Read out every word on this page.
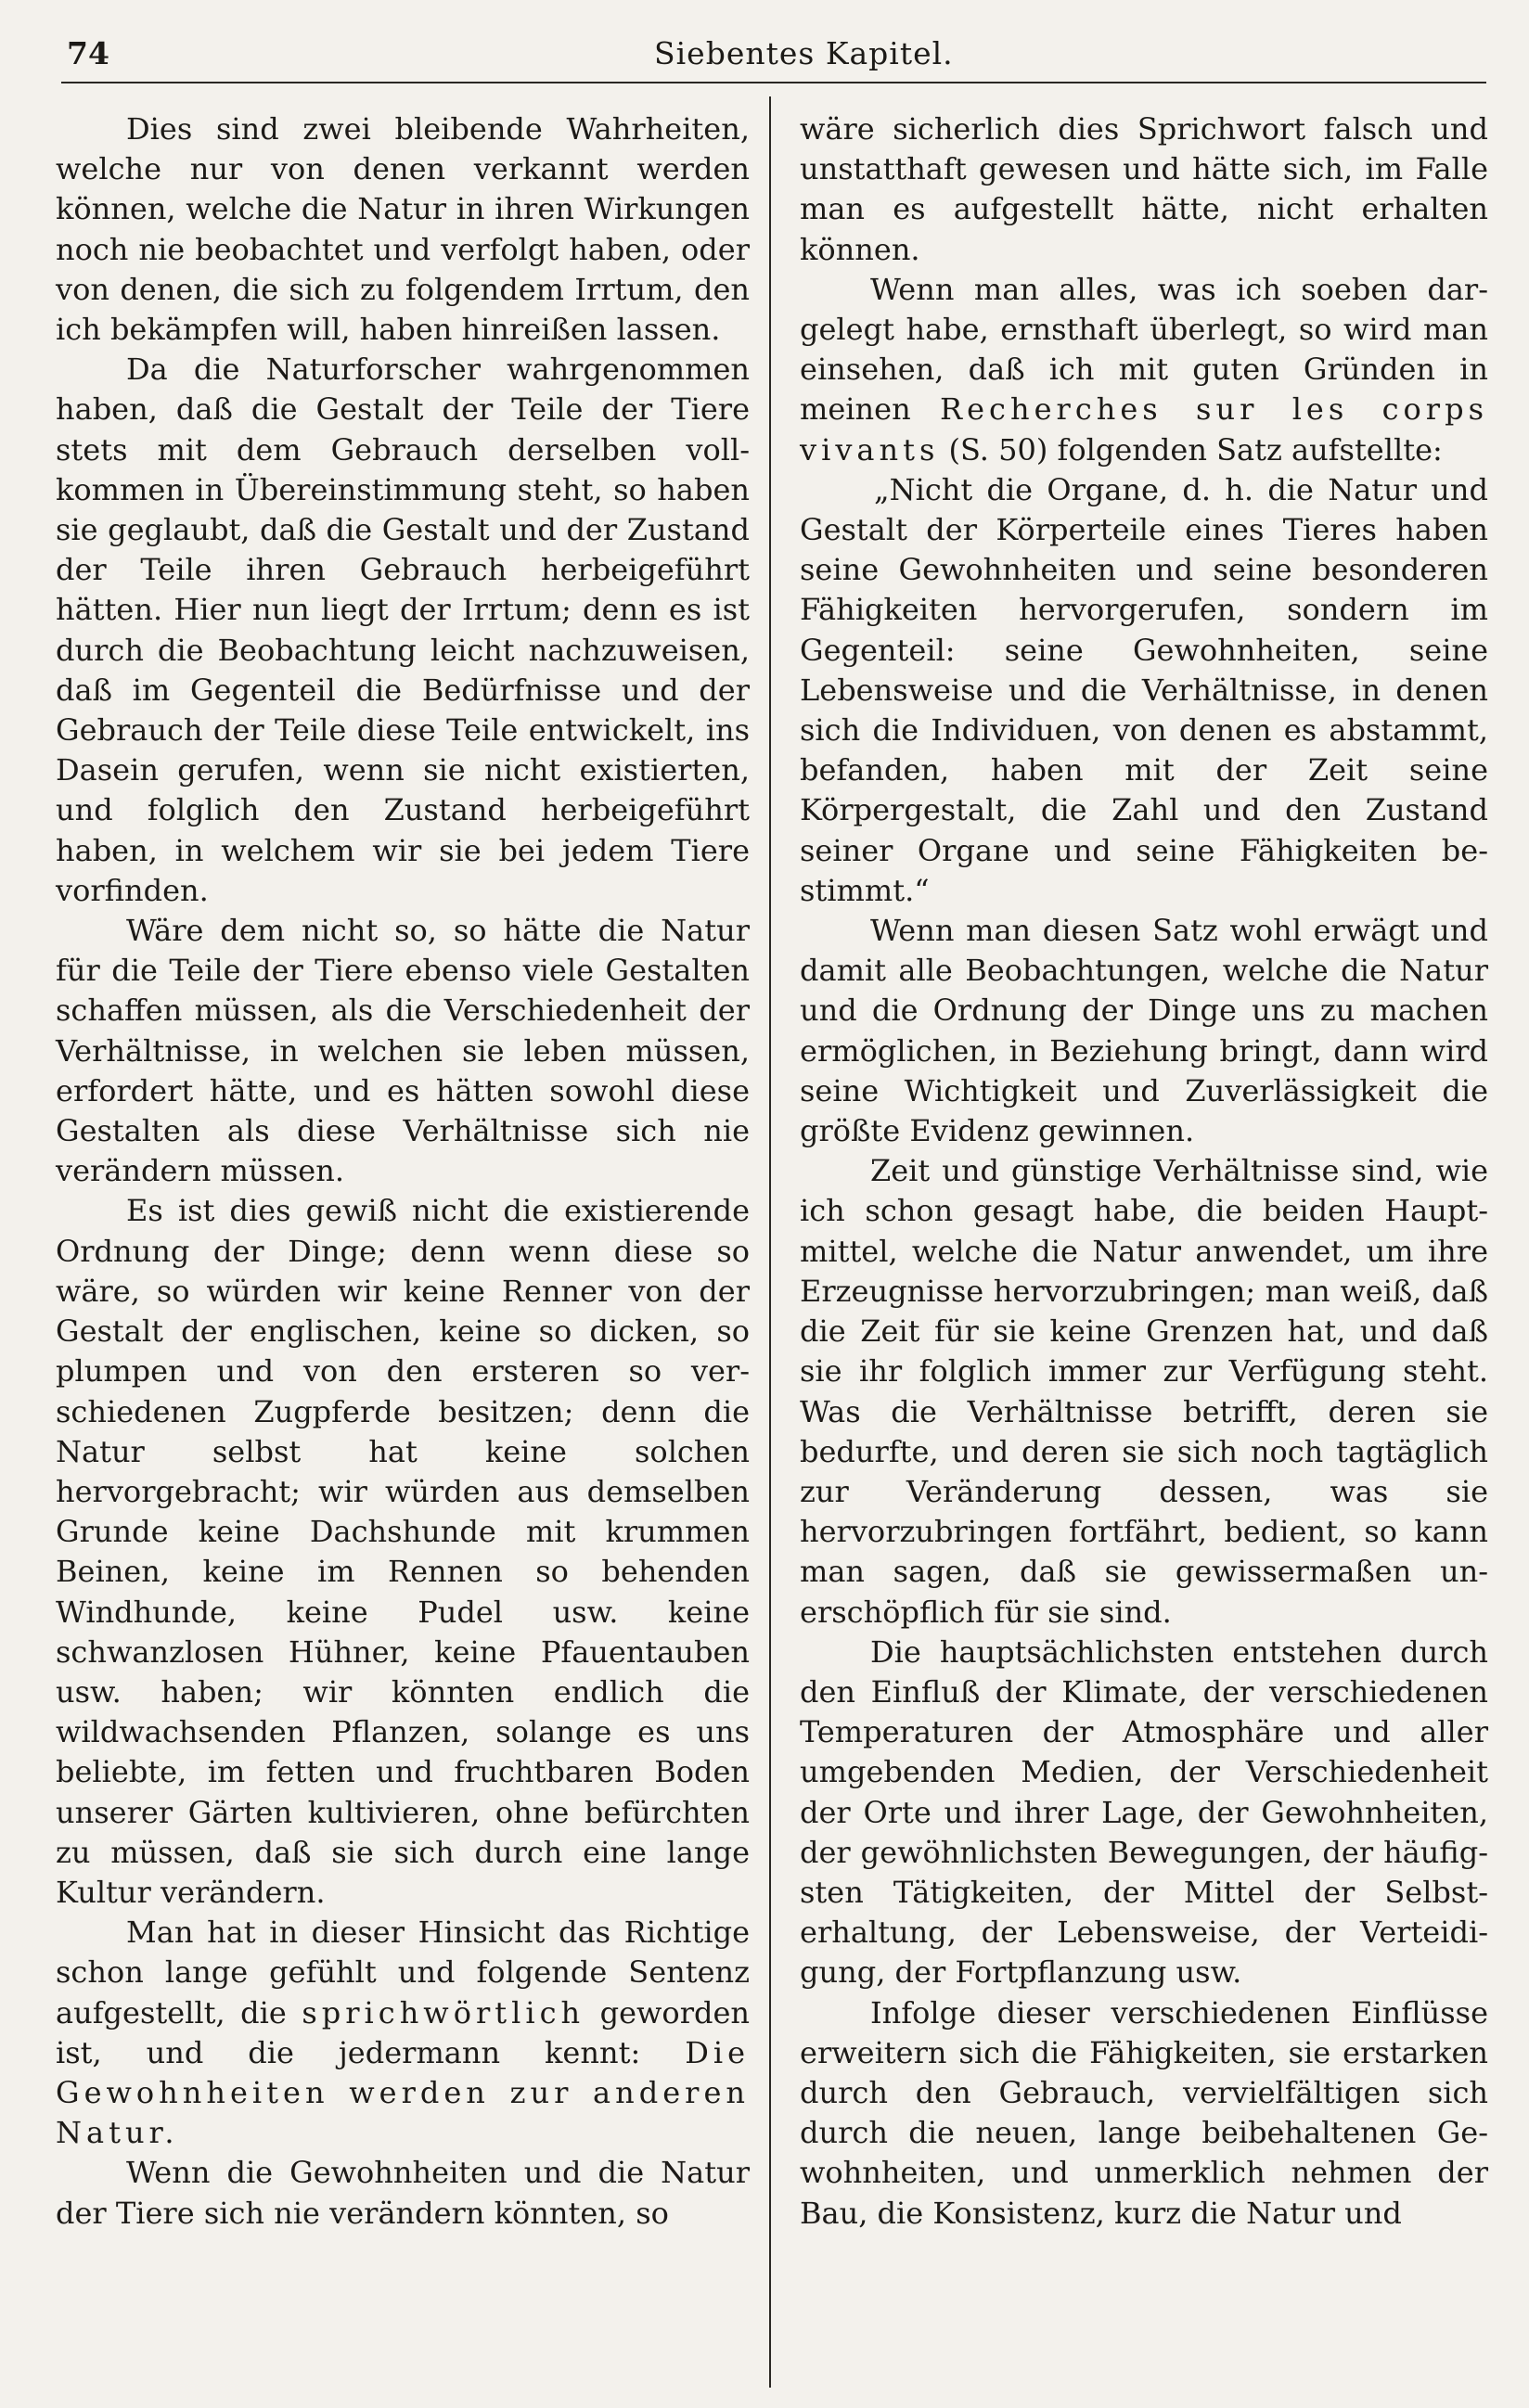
74	Siebentes Kapitel.

Dies sind zwei bleibende Wahrheiten, welche nur von denen verkannt werden können, welche die Natur in ihren Wirkungen noch nie beobachtet und verfolgt haben, oder von denen, die sich zu folgendem Irrtum, den ich bekämpfen will, haben hinreißen lassen.

Da die Naturforscher wahrgenommen haben, daß die Gestalt der Teile der Tiere stets mit dem Gebrauch derselben vollkommen in Übereinstimmung steht, so haben sie geglaubt, daß die Gestalt und der Zustand der Teile ihren Gebrauch herbeigeführt hätten. Hier nun liegt der Irrtum; denn es ist durch die Beobachtung leicht nachzuweisen, daß im Gegenteil die Bedürfnisse und der Gebrauch der Teile diese Teile entwickelt, ins Dasein gerufen, wenn sie nicht existierten, und folglich den Zustand herbeigeführt haben, in welchem wir sie bei jedem Tiere vorfinden.

Wäre dem nicht so, so hätte die Natur für die Teile der Tiere ebenso viele Gestalten schaffen müssen, als die Verschiedenheit der Verhältnisse, in welchen sie leben müssen, erfordert hätte, und es hätten sowohl diese Gestalten als diese Verhältnisse sich nie verändern müssen.

Es ist dies gewiß nicht die existierende Ordnung der Dinge; denn wenn diese so wäre, so würden wir keine Renner von der Gestalt der englischen, keine so dicken, so plumpen und von den ersteren so verschiedenen Zugpferde besitzen; denn die Natur selbst hat keine solchen hervorgebracht; wir würden aus demselben Grunde keine Dachshunde mit krummen Beinen, keine im Rennen so behenden Windhunde, keine Pudel usw. keine schwanzlosen Hühner, keine Pfauentauben usw. haben; wir könnten endlich die wildwachsenden Pflanzen, solange es uns beliebte, im fetten und fruchtbaren Boden unserer Gärten kultivieren, ohne befürchten zu müssen, daß sie sich durch eine lange Kultur verändern.

Man hat in dieser Hinsicht das Richtige schon lange gefühlt und folgende Sentenz aufgestellt, die sprichwörtlich geworden ist, und die jedermann kennt: Die Gewohnheiten werden zur anderen Natur.

Wenn die Gewohnheiten und die Natur der Tiere sich nie verändern könnten, so

wäre sicherlich dies Sprichwort falsch und unstatthaft gewesen und hätte sich, im Falle man es aufgestellt hätte, nicht erhalten können.

Wenn man alles, was ich soeben dargelegt habe, ernsthaft überlegt, so wird man einsehen, daß ich mit guten Gründen in meinen Recherches sur les corps vivants (S. 50) folgenden Satz aufstellte:

„Nicht die Organe, d. h. die Natur und Gestalt der Körperteile eines Tieres haben seine Gewohnheiten und seine besonderen Fähigkeiten hervorgerufen, sondern im Gegenteil: seine Gewohnheiten, seine Lebensweise und die Verhältnisse, in denen sich die Individuen, von denen es abstammt, befanden, haben mit der Zeit seine Körpergestalt, die Zahl und den Zustand seiner Organe und seine Fähigkeiten bestimmt.“

Wenn man diesen Satz wohl erwägt und damit alle Beobachtungen, welche die Natur und die Ordnung der Dinge uns zu machen ermöglichen, in Beziehung bringt, dann wird seine Wichtigkeit und Zuverlässigkeit die größte Evidenz gewinnen.

Zeit und günstige Verhältnisse sind, wie ich schon gesagt habe, die beiden Hauptmittel, welche die Natur anwendet, um ihre Erzeugnisse hervorzubringen; man weiß, daß die Zeit für sie keine Grenzen hat, und daß sie ihr folglich immer zur Verfügung steht. Was die Verhältnisse betrifft, deren sie bedurfte, und deren sie sich noch tagtäglich zur Veränderung dessen, was sie hervorzubringen fortfährt, bedient, so kann man sagen, daß sie gewissermaßen unerschöpflich für sie sind.

Die hauptsächlichsten entstehen durch den Einfluß der Klimate, der verschiedenen Temperaturen der Atmosphäre und aller umgebenden Medien, der Verschiedenheit der Orte und ihrer Lage, der Gewohnheiten, der gewöhnlichsten Bewegungen, der häufigsten Tätigkeiten, der Mittel der Selbsterhaltung, der Lebensweise, der Verteidigung, der Fortpflanzung usw.

Infolge dieser verschiedenen Einflüsse erweitern sich die Fähigkeiten, sie erstarken durch den Gebrauch, vervielfältigen sich durch die neuen, lange beibehaltenen Gewohnheiten, und unmerklich nehmen der Bau, die Konsistenz, kurz die Natur und
